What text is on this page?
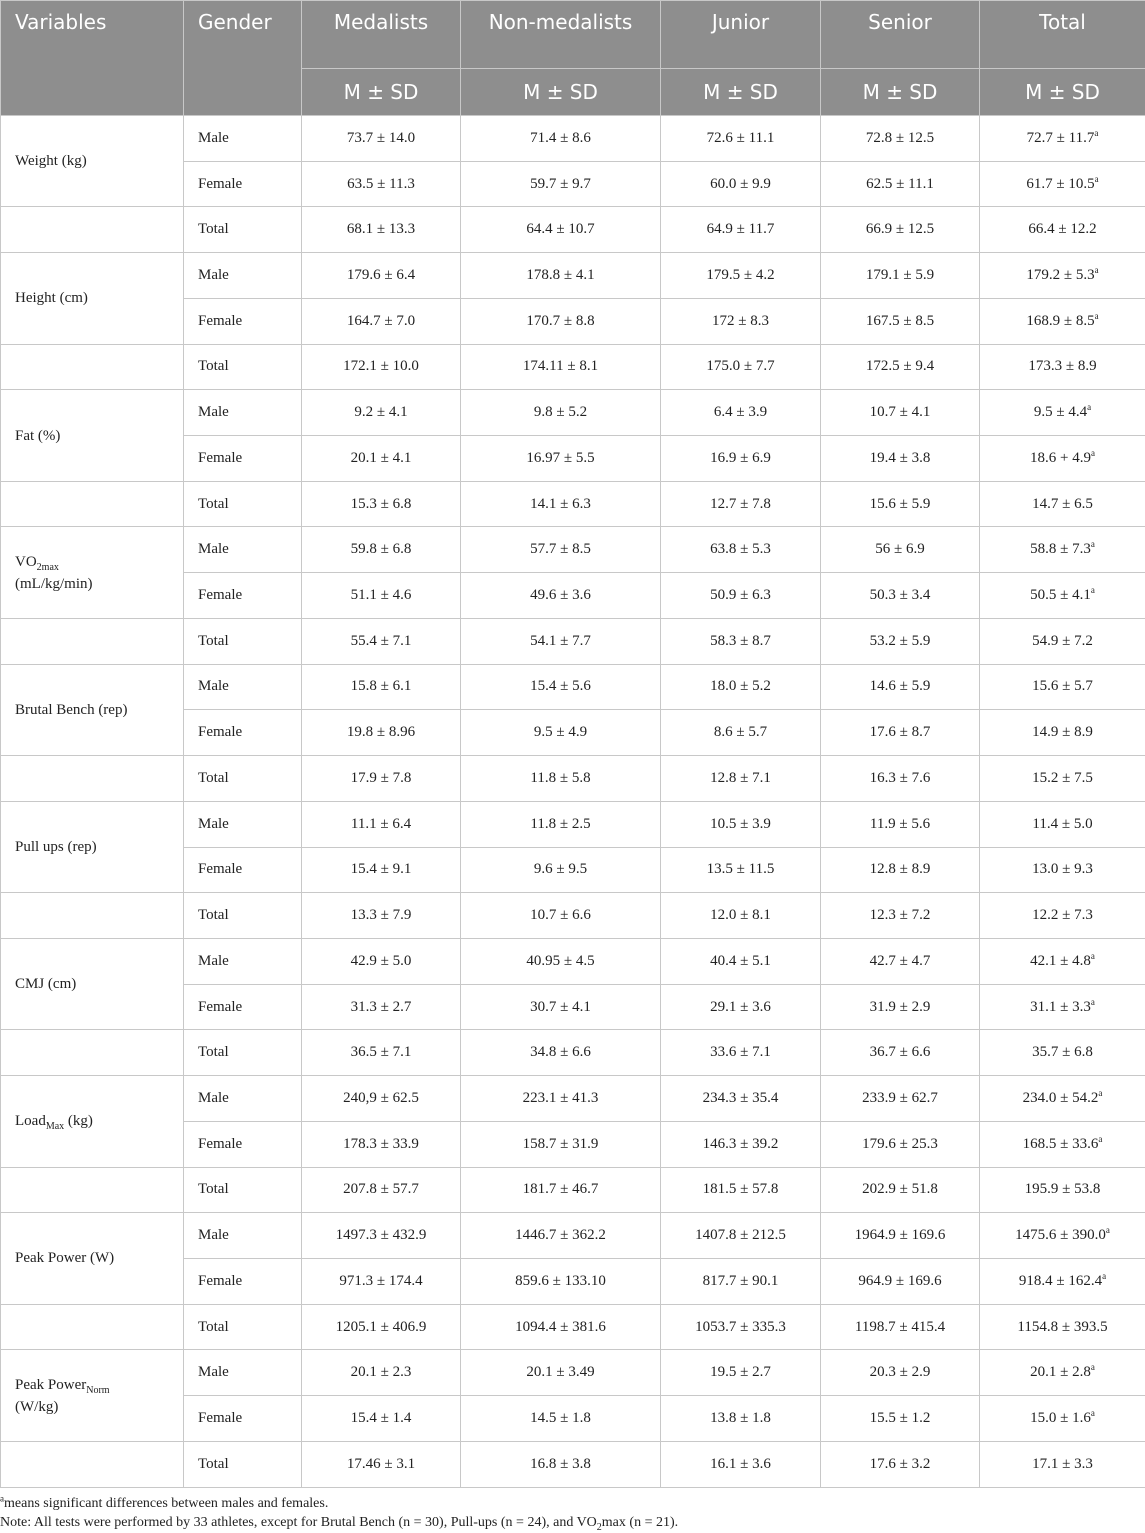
Variables	Gender	Medalists	Non-medalists	Junior	Senior	Total
		M ± SD	M ± SD	M ± SD	M ± SD	M ± SD
Weight (kg)	Male	73.7 ± 14.0	71.4 ± 8.6	72.6 ± 11.1	72.8 ± 12.5	72.7 ± 11.7$^a$
	Female	63.5 ± 11.3	59.7 ± 9.7	60.0 ± 9.9	62.5 ± 11.1	61.7 ± 10.5$^a$
	Total	68.1 ± 13.3	64.4 ± 10.7	64.9 ± 11.7	66.9 ± 12.5	66.4 ± 12.2
Height (cm)	Male	179.6 ± 6.4	178.8 ± 4.1	179.5 ± 4.2	179.1 ± 5.9	179.2 ± 5.3$^a$
	Female	164.7 ± 7.0	170.7 ± 8.8	172 ± 8.3	167.5 ± 8.5	168.9 ± 8.5$^a$
	Total	172.1 ± 10.0	174.11 ± 8.1	175.0 ± 7.7	172.5 ± 9.4	173.3 ± 8.9
Fat (%)	Male	9.2 ± 4.1	9.8 ± 5.2	6.4 ± 3.9	10.7 ± 4.1	9.5 ± 4.4$^a$
	Female	20.1 ± 4.1	16.97 ± 5.5	16.9 ± 6.9	19.4 ± 3.8	18.6 + 4.9$^a$
	Total	15.3 ± 6.8	14.1 ± 6.3	12.7 ± 7.8	15.6 ± 5.9	14.7 ± 6.5
$VO_{2max}$
(mL/kg/min)	Male	59.8 ± 6.8	57.7 ± 8.5	63.8 ± 5.3	56 ± 6.9	58.8 ± 7.3$^a$
	Female	51.1 ± 4.6	49.6 ± 3.6	50.9 ± 6.3	50.3 ± 3.4	50.5 ± 4.1$^a$
	Total	55.4 ± 7.1	54.1 ± 7.7	58.3 ± 8.7	53.2 ± 5.9	54.9 ± 7.2
Brutal Bench (rep)	Male	15.8 ± 6.1	15.4 ± 5.6	18.0 ± 5.2	14.6 ± 5.9	15.6 ± 5.7
	Female	19.8 ± 8.96	9.5 ± 4.9	8.6 ± 5.7	17.6 ± 8.7	14.9 ± 8.9
	Total	17.9 ± 7.8	11.8 ± 5.8	12.8 ± 7.1	16.3 ± 7.6	15.2 ± 7.5
Pull ups (rep)	Male	11.1 ± 6.4	11.8 ± 2.5	10.5 ± 3.9	11.9 ± 5.6	11.4 ± 5.0
	Female	15.4 ± 9.1	9.6 ± 9.5	13.5 ± 11.5	12.8 ± 8.9	13.0 ± 9.3
	Total	13.3 ± 7.9	10.7 ± 6.6	12.0 ± 8.1	12.3 ± 7.2	12.2 ± 7.3
CMJ (cm)	Male	42.9 ± 5.0	40.95 ± 4.5	40.4 ± 5.1	42.7 ± 4.7	42.1 ± 4.8$^a$
	Female	31.3 ± 2.7	30.7 ± 4.1	29.1 ± 3.6	31.9 ± 2.9	31.1 ± 3.3$^a$
	Total	36.5 ± 7.1	34.8 ± 6.6	33.6 ± 7.1	36.7 ± 6.6	35.7 ± 6.8
Load$_{Max}$ (kg)	Male	240,9 ± 62.5	223.1 ± 41.3	234.3 ± 35.4	233.9 ± 62.7	234.0 ± 54.2$^a$
	Female	178.3 ± 33.9	158.7 ± 31.9	146.3 ± 39.2	179.6 ± 25.3	168.5 ± 33.6$^a$
	Total	207.8 ± 57.7	181.7 ± 46.7	181.5 ± 57.8	202.9 ± 51.8	195.9 ± 53.8
Peak Power (W)	Male	1497.3 ± 432.9	1446.7 ± 362.2	1407.8 ± 212.5	1964.9 ± 169.6	1475.6 ± 390.0$^a$
	Female	971.3 ± 174.4	859.6 ± 133.10	817.7 ± 90.1	964.9 ± 169.6	918.4 ± 162.4$^a$
	Total	1205.1 ± 406.9	1094.4 ± 381.6	1053.7 ± 335.3	1198.7 ± 415.4	1154.8 ± 393.5
Peak Power$_{Norm}$
(W/kg)	Male	20.1 ± 2.3	20.1 ± 3.49	19.5 ± 2.7	20.3 ± 2.9	20.1 ± 2.8$^a$
	Female	15.4 ± 1.4	14.5 ± 1.8	13.8 ± 1.8	15.5 ± 1.2	15.0 ± 1.6$^a$
	Total	17.46 ± 3.1	16.8 ± 3.8	16.1 ± 3.6	17.6 ± 3.2	17.1 ± 3.3
$^a$means significant differences between males and females.
Note: All tests were performed by 33 athletes, except for Brutal Bench (n = 30), Pull-ups (n = 24), and $VO_2\max$ (n = 21).
